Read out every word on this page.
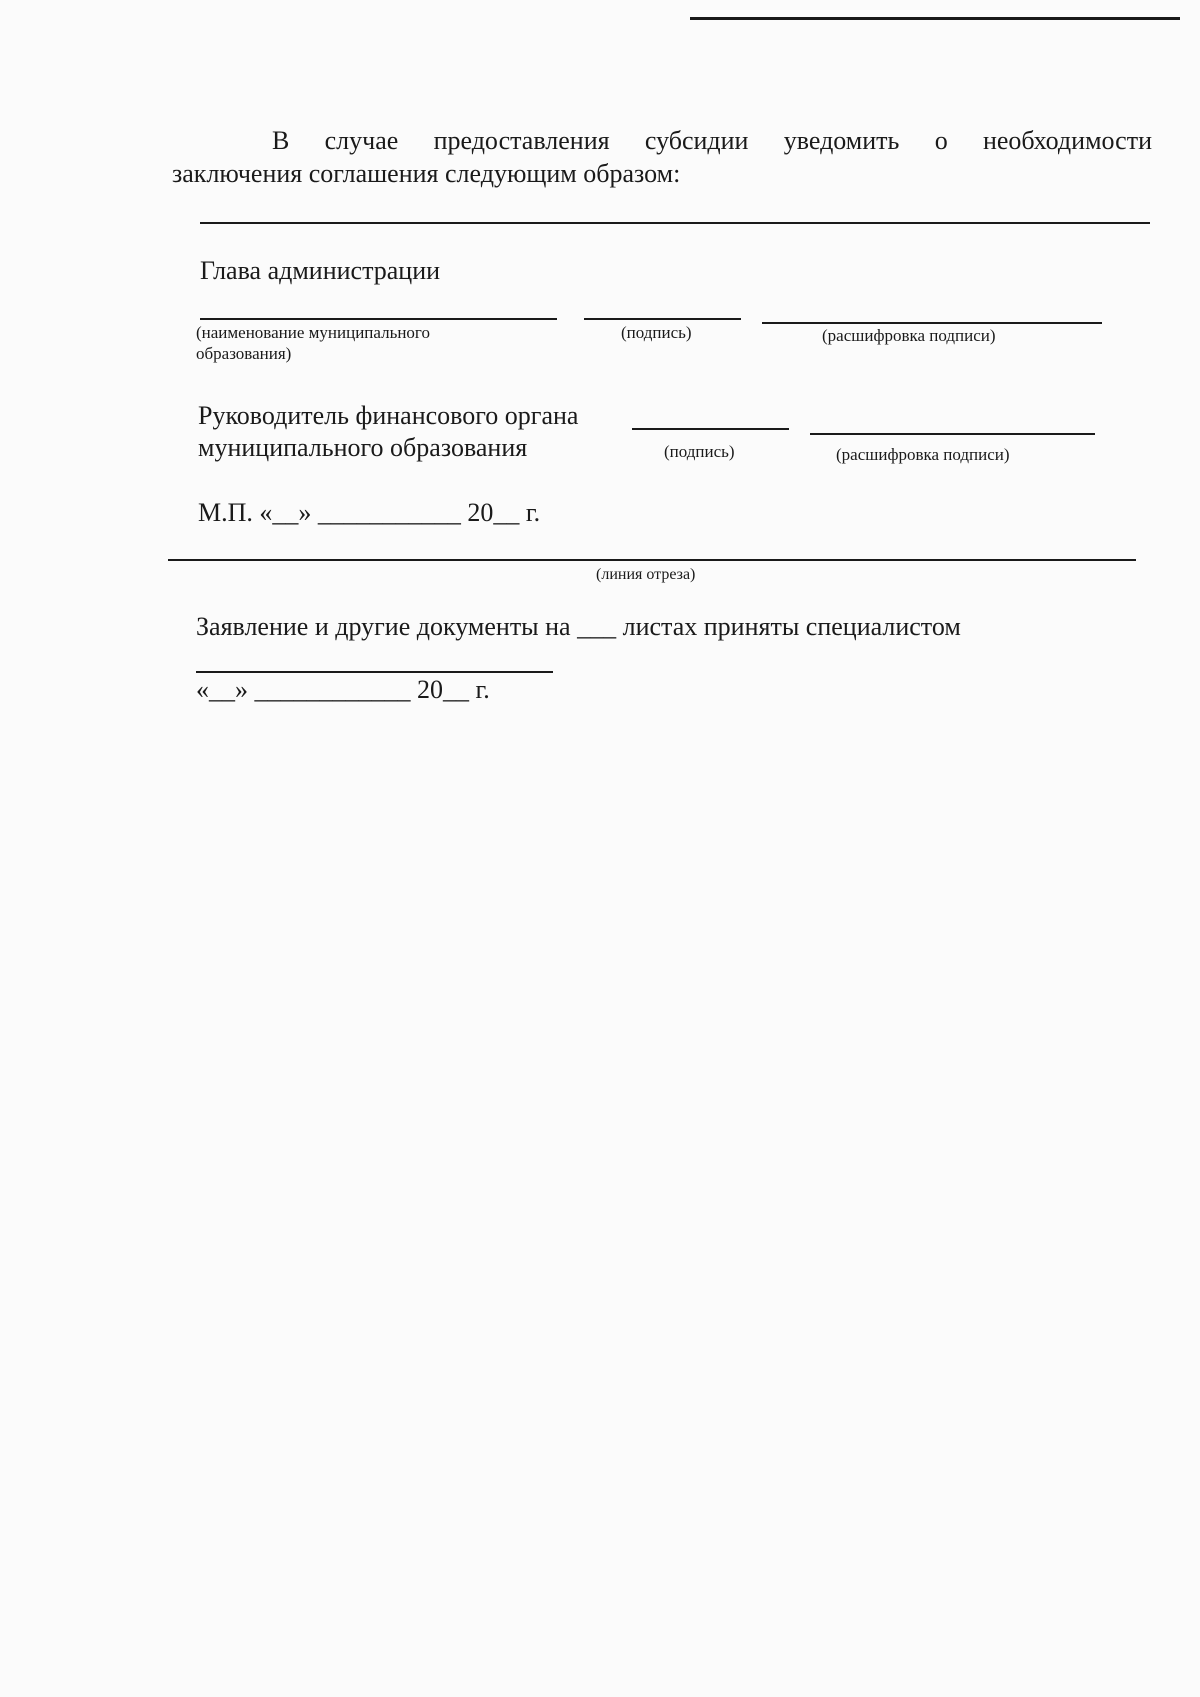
В случае предоставления субсидии уведомить о необходимости
заключения соглашения следующим образом:
Глава администрации
(наименование муниципального
образования)
(подпись)	(расшифровка подписи)
Руководитель финансового органа
муниципального образования	(подпись)	(расшифровка подписи)
М.П. «__» ___________ 20__ г.
(линия отреза)
Заявление и другие документы на ___ листах приняты специалистом
«__» ____________ 20__ г.
